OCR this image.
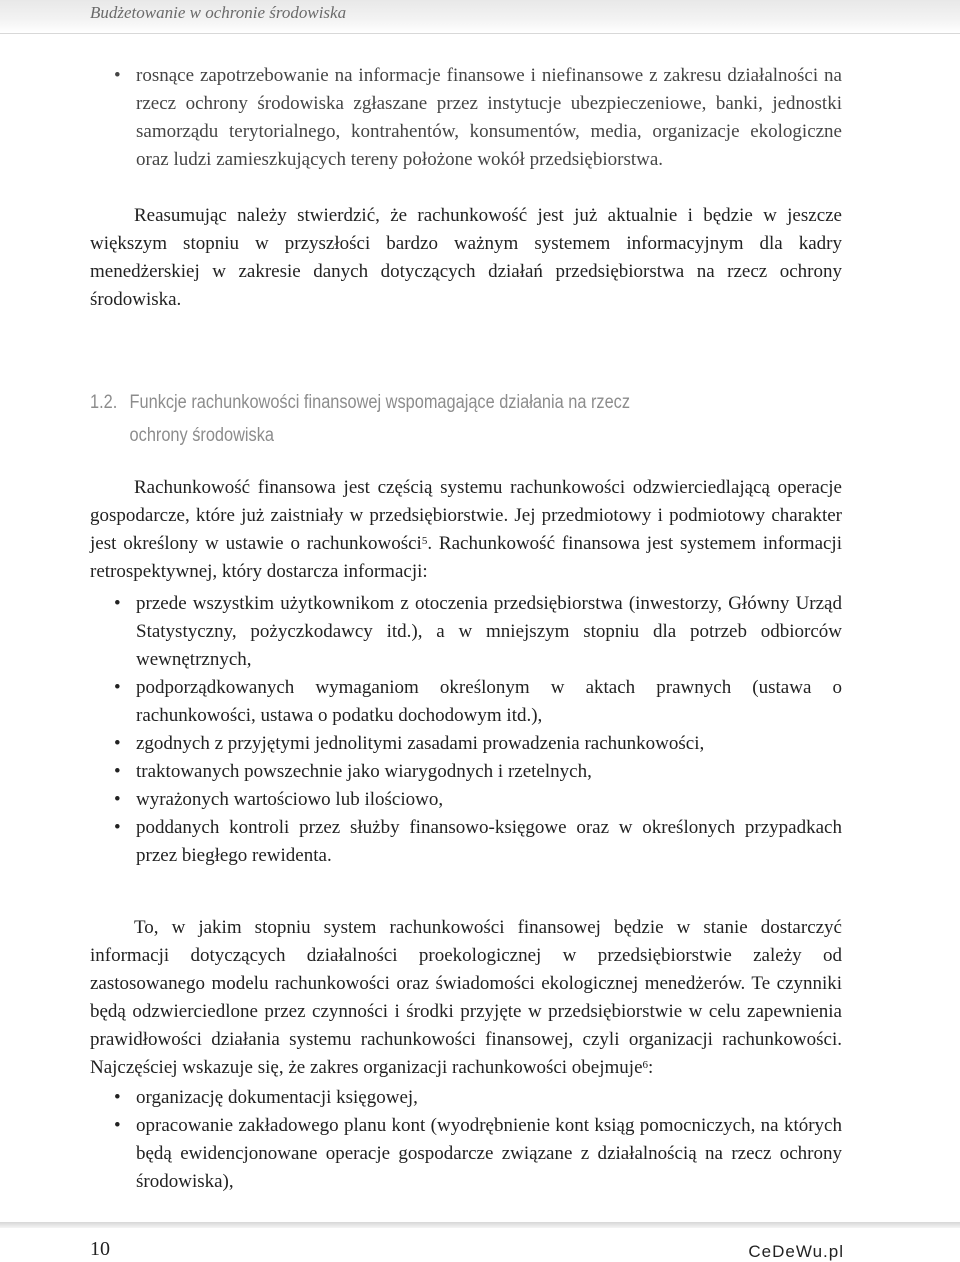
Budżetowanie w ochronie środowiska
• rosnące zapotrzebowanie na informacje finansowe i niefinansowe z zakresu działalności na rzecz ochrony środowiska zgłaszane przez instytucje ubezpieczeniowe, banki, jednostki samorządu terytorialnego, kontrahentów, konsumentów, media, organizacje ekologiczne oraz ludzi zamieszkujących tereny położone wokół przedsiębiorstwa.

Reasumując należy stwierdzić, że rachunkowość jest już aktualnie i będzie w jeszcze większym stopniu w przyszłości bardzo ważnym systemem informacyjnym dla kadry menedżerskiej w zakresie danych dotyczących działań przedsiębiorstwa na rzecz ochrony środowiska.

1.2. Funkcje rachunkowości finansowej wspomagające działania na rzecz
ochrony środowiska

Rachunkowość finansowa jest częścią systemu rachunkowości odzwierciedlającą operacje gospodarcze, które już zaistniały w przedsiębiorstwie. Jej przedmiotowy i podmiotowy charakter jest określony w ustawie o rachunkowości$^5$. Rachunkowość finansowa jest systemem informacji retrospektywnej, który dostarcza informacji:

• przede wszystkim użytkownikom z otoczenia przedsiębiorstwa (inwestorzy, Główny Urząd Statystyczny, pożyczkodawcy itd.), a w mniejszym stopniu dla potrzeb odbiorców wewnętrznych,
• podporządkowanych wymaganiom określonym w aktach prawnych (ustawa o rachunkowości, ustawa o podatku dochodowym itd.),
• zgodnych z przyjętymi jednolitymi zasadami prowadzenia rachunkowości,
• traktowanych powszechnie jako wiarygodnych i rzetelnych,
• wyrażonych wartościowo lub ilościowo,
• poddanych kontroli przez służby finansowo-księgowe oraz w określonych przypadkach przez biegłego rewidenta.

To, w jakim stopniu system rachunkowości finansowej będzie w stanie dostarczyć informacji dotyczących działalności proekologicznej w przedsiębiorstwie zależy od zastosowanego modelu rachunkowości oraz świadomości ekologicznej menedżerów. Te czynniki będą odzwierciedlone przez czynności i środki przyjęte w przedsiębiorstwie w celu zapewnienia prawidłowości działania systemu rachunkowości finansowej, czyli organizacji rachunkowości. Najczęściej wskazuje się, że zakres organizacji rachunkowości obejmuje$^6$:

• organizację dokumentacji księgowej,
• opracowanie zakładowego planu kont (wyodrębnienie kont ksiąg pomocniczych, na których będą ewidencjonowane operacje gospodarcze związane z działalnością na rzecz ochrony środowiska),
10	CeDeWu.pl
